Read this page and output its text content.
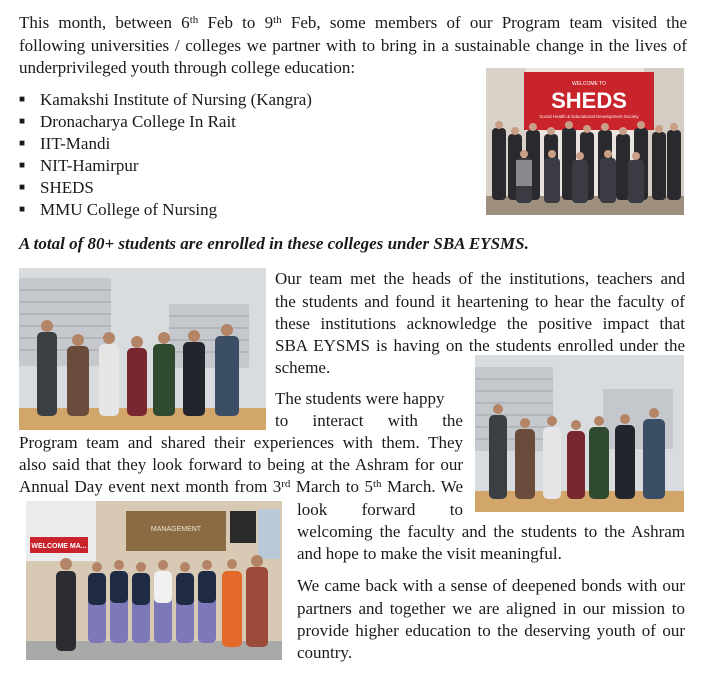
This month, between 6th Feb to 9th Feb, some members of our Program team visited the
following universities / colleges we partner with to bring in a sustainable change in the lives of
underprivileged youth through college education:
■ Kamakshi Institute of Nursing (Kangra)
■ Dronacharya College In Rait
■ IIT-Mandi
■ NIT-Hamirpur
■ SHEDS
■ MMU College of Nursing
WELCOME TO
SHEDS
Social Health & Educational Development Society
A total of 80+ students are enrolled in these colleges under SBA EYSMS.
Our team met the heads of the institutions, teachers and
the students and found it heartening to hear the faculty of
these institutions acknowledge the positive impact that
SBA EYSMS is having on the students enrolled under the
scheme.
The students were happy
to interact with the
Program team and shared their experiences with them. They
also said that they look forward to being at the Ashram for our
Annual Day event next month from 3rd March to 5th March. We
WELCOME MA...
MANAGEMENT
look forward to
welcoming the faculty and the students to the Ashram
and hope to make the visit meaningful.
We came back with a sense of deepened bonds with our
partners and together we are aligned in our mission to
provide higher education to the deserving youth of our
country.
